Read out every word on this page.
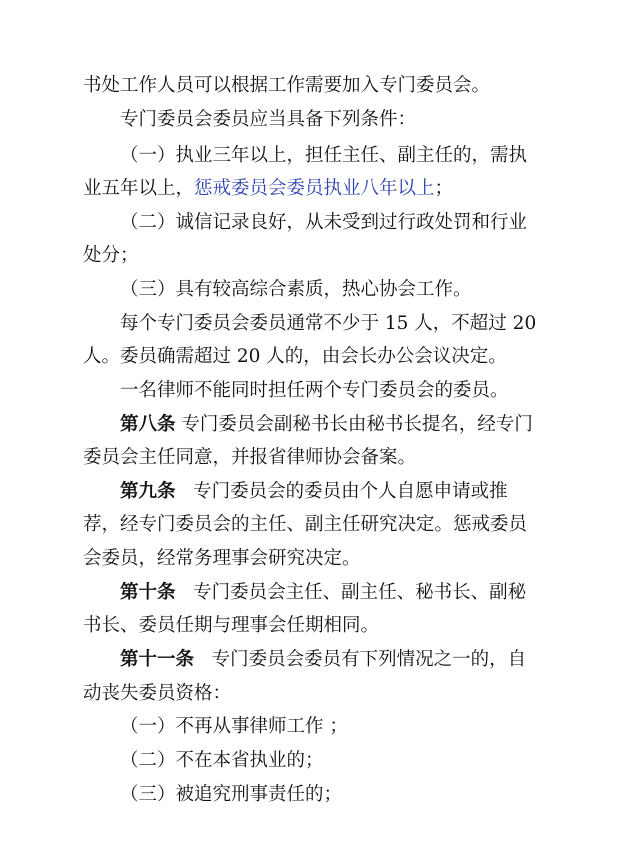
书处工作人员可以根据工作需要加入专门委员会。
专门委员会委员应当具备下列条件：
（一）执业三年以上，担任主任、副主任的，需执
业五年以上，惩戒委员会委员执业八年以上；
（二）诚信记录良好，从未受到过行政处罚和行业
处分；
（三）具有较高综合素质，热心协会工作。
每个专门委员会委员通常不少于 15 人，不超过 20
人。委员确需超过 20 人的，由会长办公会议决定。
一名律师不能同时担任两个专门委员会的委员。
第八条 专门委员会副秘书长由秘书长提名，经专门
委员会主任同意，并报省律师协会备案。
第九条 专门委员会的委员由个人自愿申请或推
荐，经专门委员会的主任、副主任研究决定。惩戒委员
会委员，经常务理事会研究决定。
第十条 专门委员会主任、副主任、秘书长、副秘
书长、委员任期与理事会任期相同。
第十一条 专门委员会委员有下列情况之一的，自
动丧失委员资格：
（一）不再从事律师工作 ；
（二）不在本省执业的；
（三）被追究刑事责任的；
